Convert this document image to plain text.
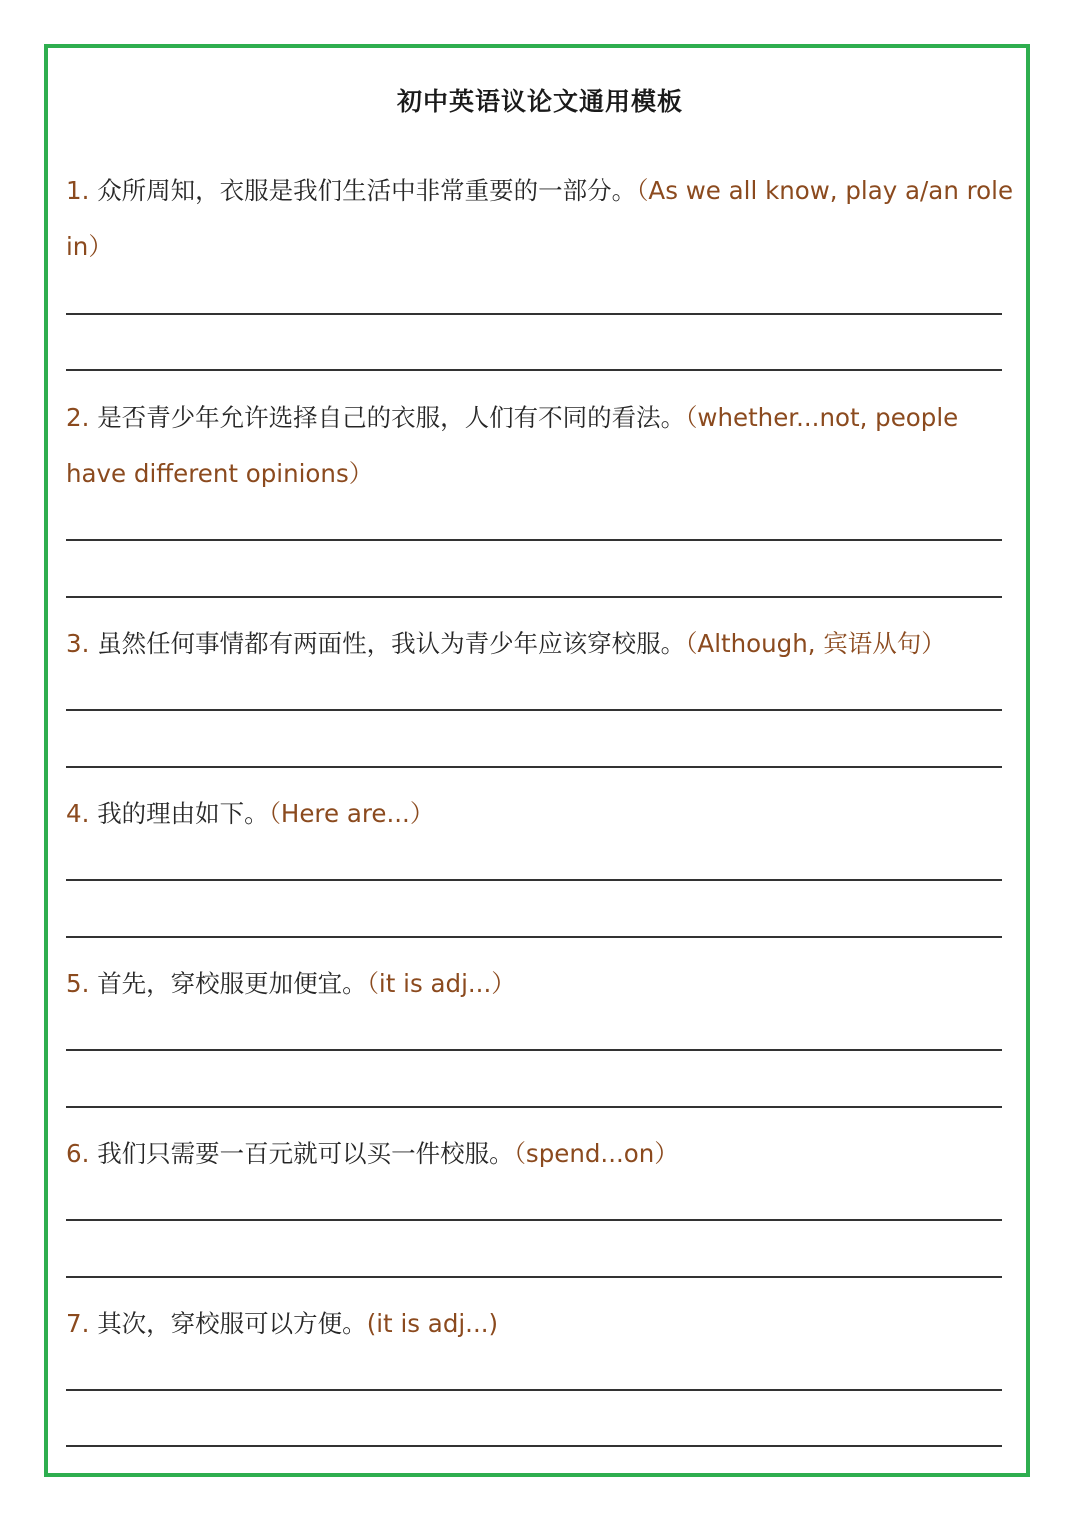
初中英语议论文通用模板
1. 众所周知，衣服是我们生活中非常重要的一部分。（As we all know, play a/an role in）
2. 是否青少年允许选择自己的衣服，人们有不同的看法。（whether...not, people have different opinions）
3. 虽然任何事情都有两面性，我认为青少年应该穿校服。（Although, 宾语从句）
4. 我的理由如下。（Here are...）
5. 首先，穿校服更加便宜。（it is adj...）
6. 我们只需要一百元就可以买一件校服。（spend...on）
7. 其次，穿校服可以方便。(it is adj...)
